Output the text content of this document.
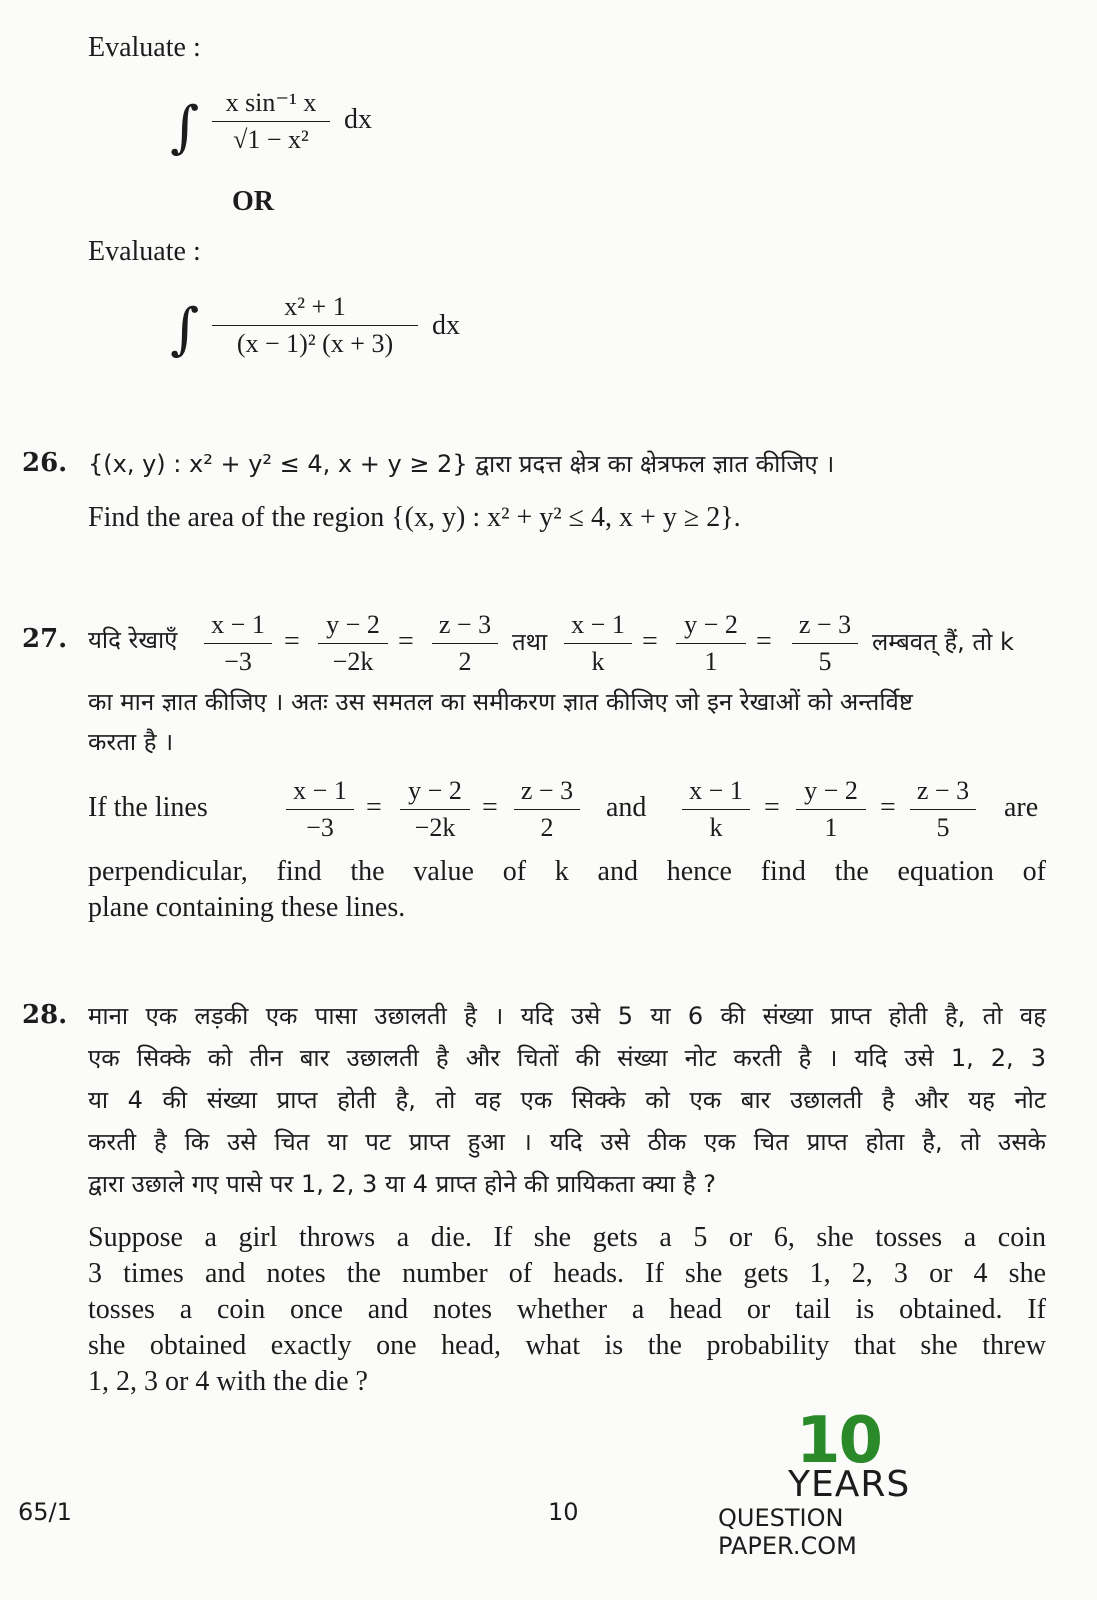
Evaluate :
∫	x sin⁻¹ x
√1 − x²
dx
OR
Evaluate :
∫	x² + 1
(x − 1)² (x + 3)
dx
26. {(x, y) : x² + y² ≤ 4, x + y ≥ 2} द्वारा प्रदत्त क्षेत्र का क्षेत्रफल ज्ञात कीजिए ।
Find the area of the region {(x, y) : x² + y² ≤ 4, x + y ≥ 2}.
27. यदि रेखाएँ
x − 1
−3
=
y − 2
−2k
=
z − 3
2
तथा
x − 1
k
=
y − 2
1
=
z − 3
5
लम्बवत् हैं, तो k
का मान ज्ञात कीजिए । अतः उस समतल का समीकरण ज्ञात कीजिए जो इन रेखाओं को अन्तर्विष्ट
करता है ।
If the lines
x − 1
−3
=
y − 2
−2k
=
z − 3
2
and
x − 1
k
=
y − 2
1
=
z − 3
5
are
perpendicular, find the value of k and hence find the equation of
plane containing these lines.
28. माना एक लड़की एक पासा उछालती है । यदि उसे 5 या 6 की संख्या प्राप्त होती है, तो वह
एक सिक्के को तीन बार उछालती है और चितों की संख्या नोट करती है । यदि उसे 1, 2, 3
या 4 की संख्या प्राप्त होती है, तो वह एक सिक्के को एक बार उछालती है और यह नोट
करती है कि उसे चित या पट प्राप्त हुआ । यदि उसे ठीक एक चित प्राप्त होता है, तो उसके
द्वारा उछाले गए पासे पर 1, 2, 3 या 4 प्राप्त होने की प्रायिकता क्या है ?
Suppose a girl throws a die. If she gets a 5 or 6, she tosses a coin
3 times and notes the number of heads. If she gets 1, 2, 3 or 4 she
tosses a coin once and notes whether a head or tail is obtained. If
she obtained exactly one head, what is the probability that she threw
1, 2, 3 or 4 with the die ?
65/1	10
10
YEARS
QUESTION PAPER.COM
